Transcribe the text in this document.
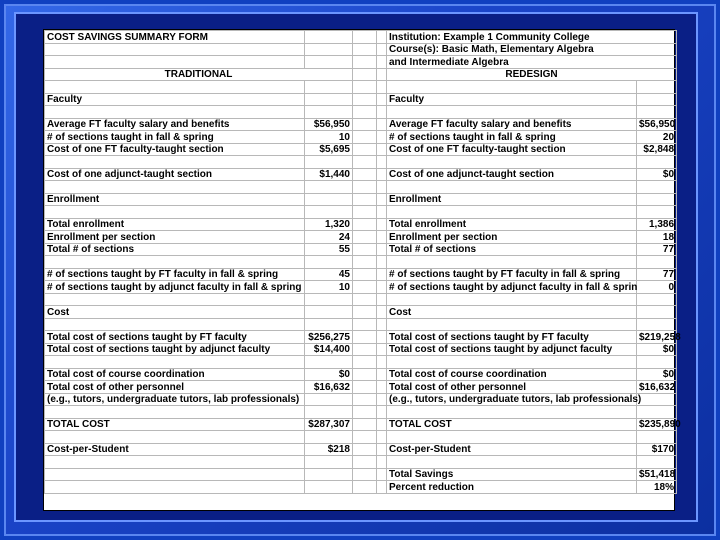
COST SAVINGS SUMMARY FORM				Institution: Example 1 Community College	
				Course(s): Basic Math, Elementary Algebra	
				and Intermediate Algebra	
TRADITIONAL				REDESIGN	

Faculty				Faculty	

Average FT faculty salary and benefits	$56,950			Average FT faculty salary and benefits	$56,950
# of sections taught in fall & spring	10			# of sections taught in fall & spring	20
Cost of one FT faculty-taught section	$5,695			Cost of one FT faculty-taught section	$2,848

Cost of one adjunct-taught section	$1,440			Cost of one adjunct-taught section	$0

Enrollment				Enrollment	

Total enrollment	1,320			Total enrollment	1,386
Enrollment per section	24			Enrollment per section	18
Total # of sections	55			Total # of sections	77

# of sections taught by FT faculty in fall & spring	45			# of sections taught by FT faculty in fall & spring	77
# of sections taught by adjunct faculty in fall & spring	10			# of sections taught by adjunct faculty in fall & sprin	0

Cost				Cost	

Total cost of sections taught by FT faculty	$256,275			Total cost of sections taught by FT faculty	$219,258
Total cost of sections taught by adjunct faculty	$14,400			Total cost of sections taught by adjunct faculty	$0

Total cost of course coordination	$0			Total cost of course coordination	$0
Total cost of other personnel	$16,632			Total cost of other personnel	$16,632
(e.g., tutors, undergraduate tutors, lab professionals)				(e.g., tutors, undergraduate tutors, lab professionals)	

TOTAL COST	$287,307			TOTAL COST	$235,890

Cost-per-Student	$218			Cost-per-Student	$170

				Total Savings	$51,418
				Percent reduction	18%
